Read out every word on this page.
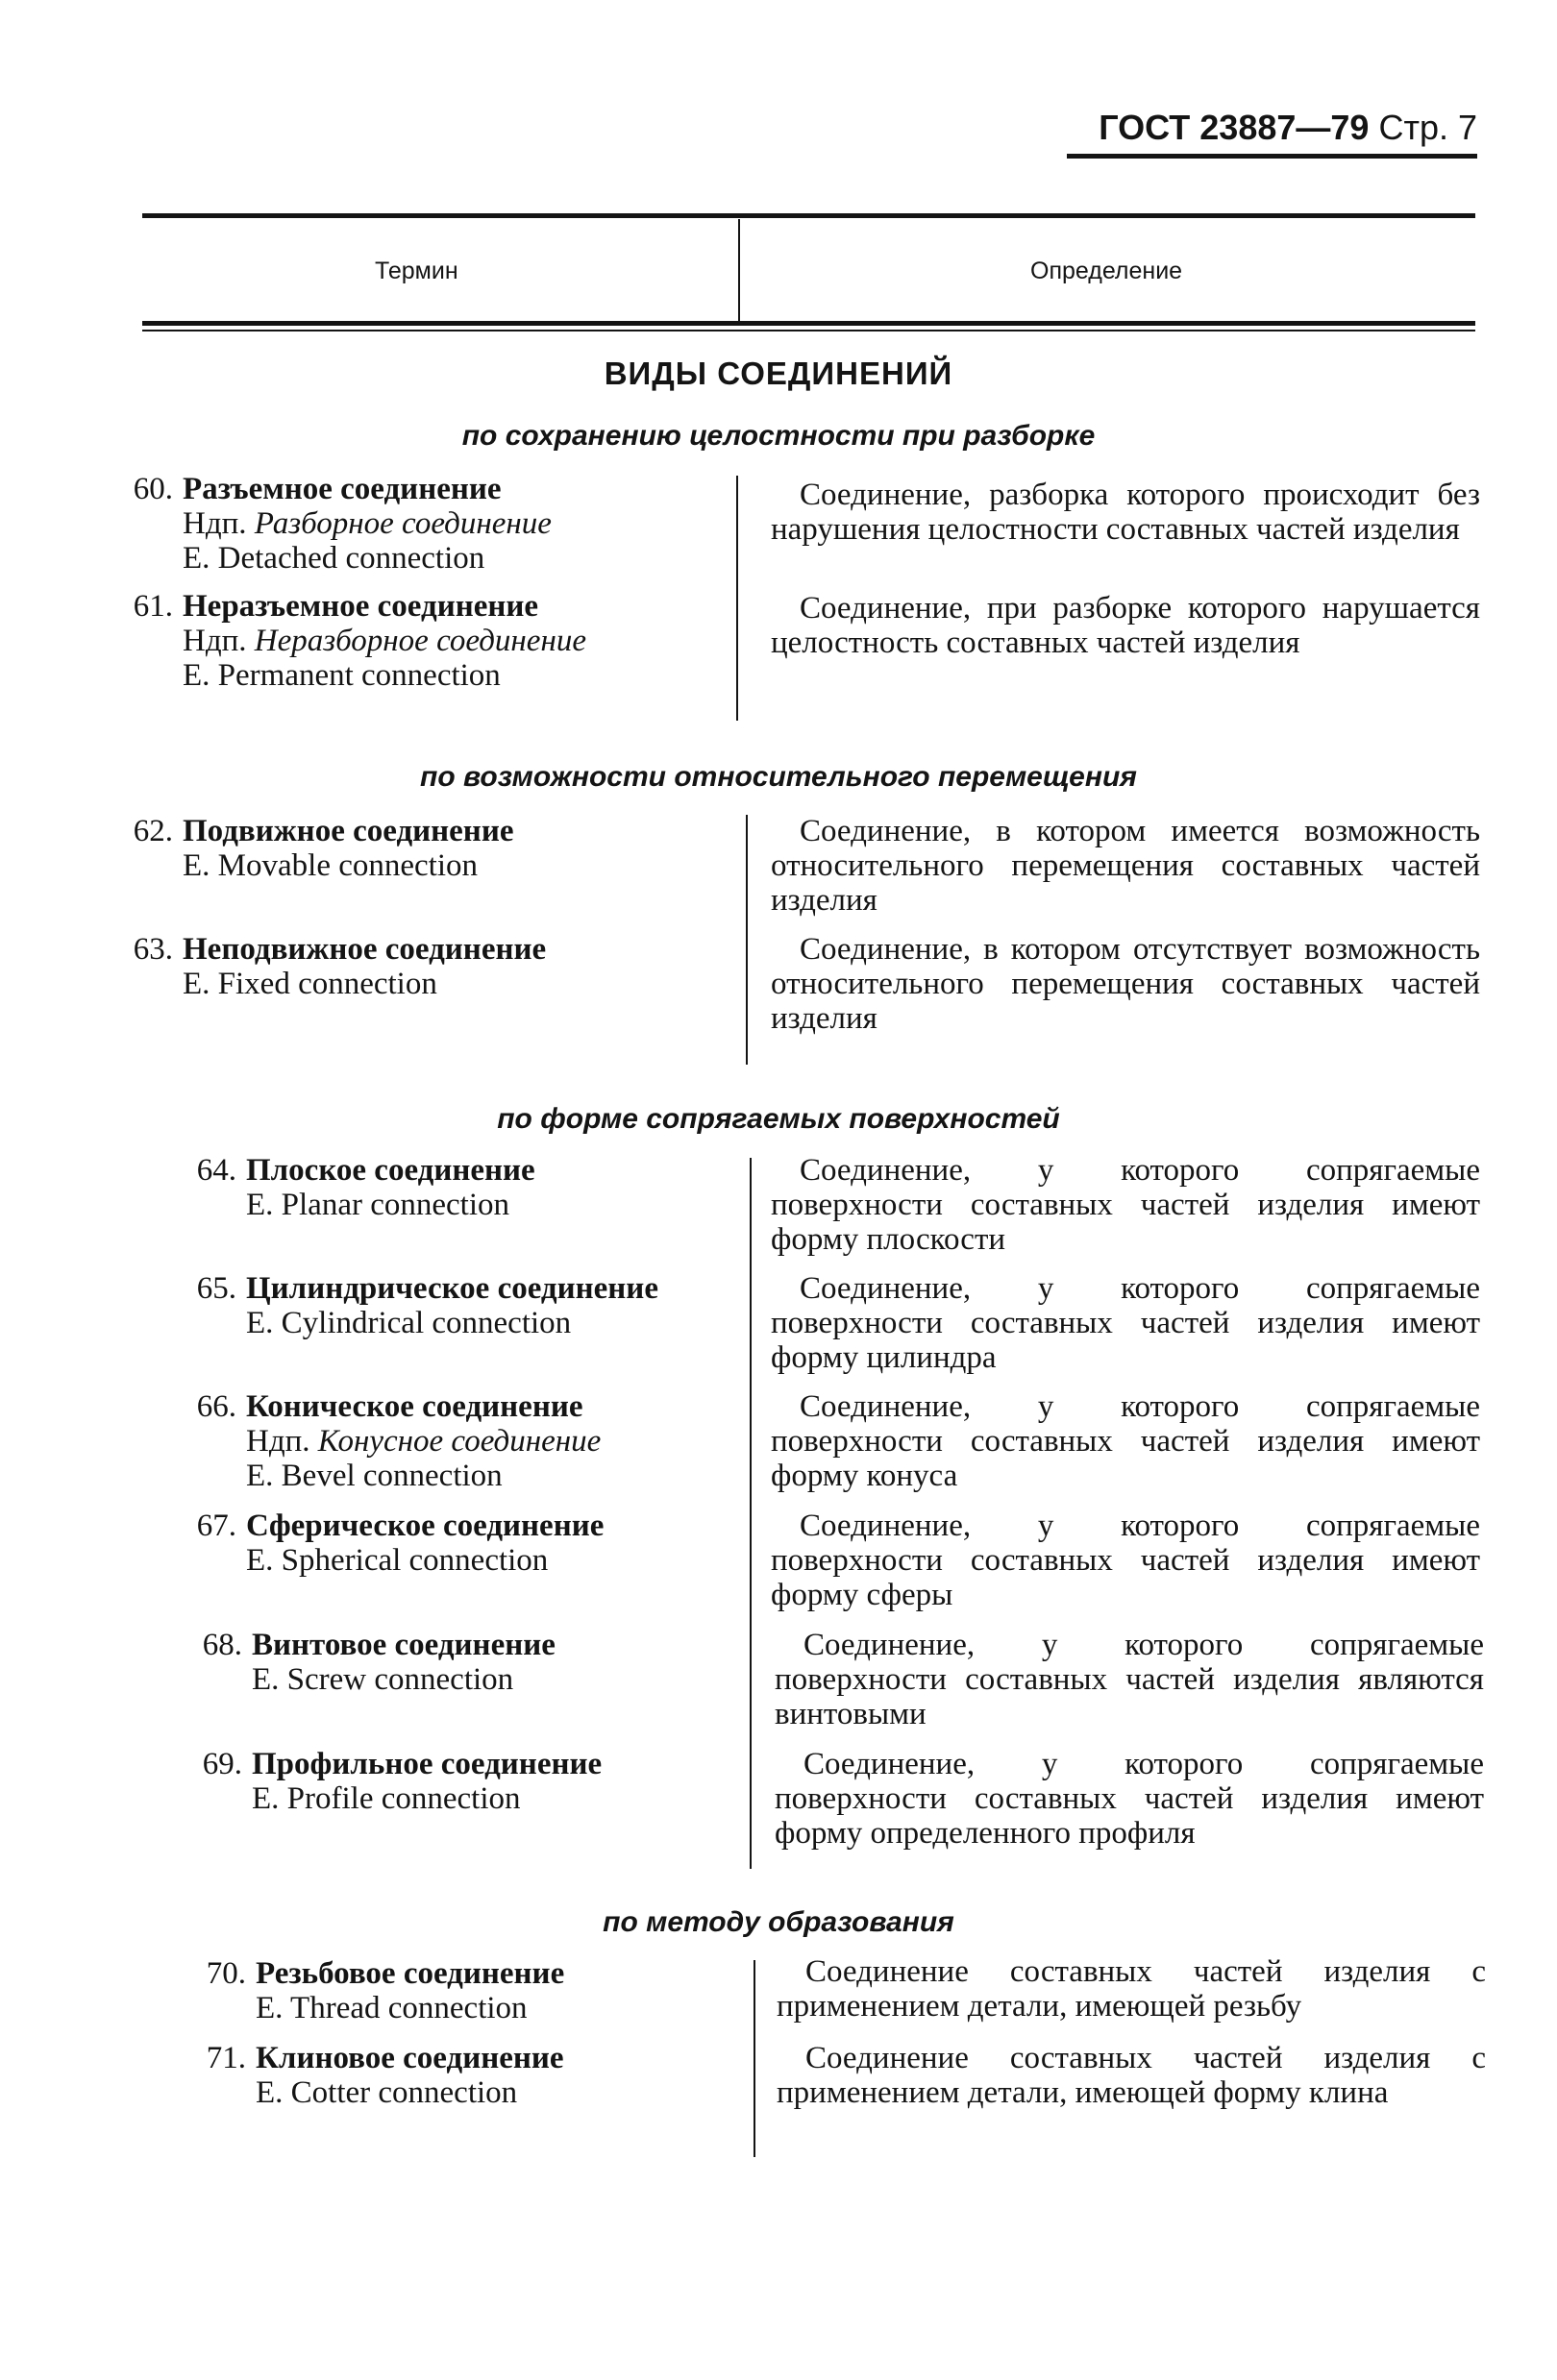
ГОСТ 23887—79 Стр. 7
Термин	Определение
ВИДЫ СОЕДИНЕНИЙ
по сохранению целостности при разборке
60. Разъемное соединение
Ндп. Разборное соединение
E. Detached connection
Соединение, разборка которого происходит без нарушения целостности составных частей изделия
61. Неразъемное соединение
Ндп. Неразборное соединение
E. Permanent connection
Соединение, при разборке которого нарушается целостность составных частей изделия
по возможности относительного перемещения
62. Подвижное соединение
E. Movable connection
Соединение, в котором имеется возможность относительного перемещения составных частей изделия
63. Неподвижное соединение
E. Fixed connection
Соединение, в котором отсутствует возможность относительного перемещения составных частей изделия
по форме сопрягаемых поверхностей
64. Плоское соединение
E. Planar connection
Соединение, у которого сопрягаемые поверхности составных частей изделия имеют форму плоскости
65. Цилиндрическое соединение
E. Cylindrical connection
Соединение, у которого сопрягаемые поверхности составных частей изделия имеют форму цилиндра
66. Коническое соединение
Ндп. Конусное соединение
E. Bevel connection
Соединение, у которого сопрягаемые поверхности составных частей изделия имеют форму конуса
67. Сферическое соединение
E. Spherical connection
Соединение, у которого сопрягаемые поверхности составных частей изделия имеют форму сферы
68. Винтовое соединение
E. Screw connection
Соединение, у которого сопрягаемые поверхности составных частей изделия являются винтовыми
69. Профильное соединение
E. Profile connection
Соединение, у которого сопрягаемые поверхности составных частей изделия имеют форму определенного профиля
по методу образования
70. Резьбовое соединение
E. Thread connection
Соединение составных частей изделия с применением детали, имеющей резьбу
71. Клиновое соединение
E. Cotter connection
Соединение составных частей изделия с применением детали, имеющей форму клина
